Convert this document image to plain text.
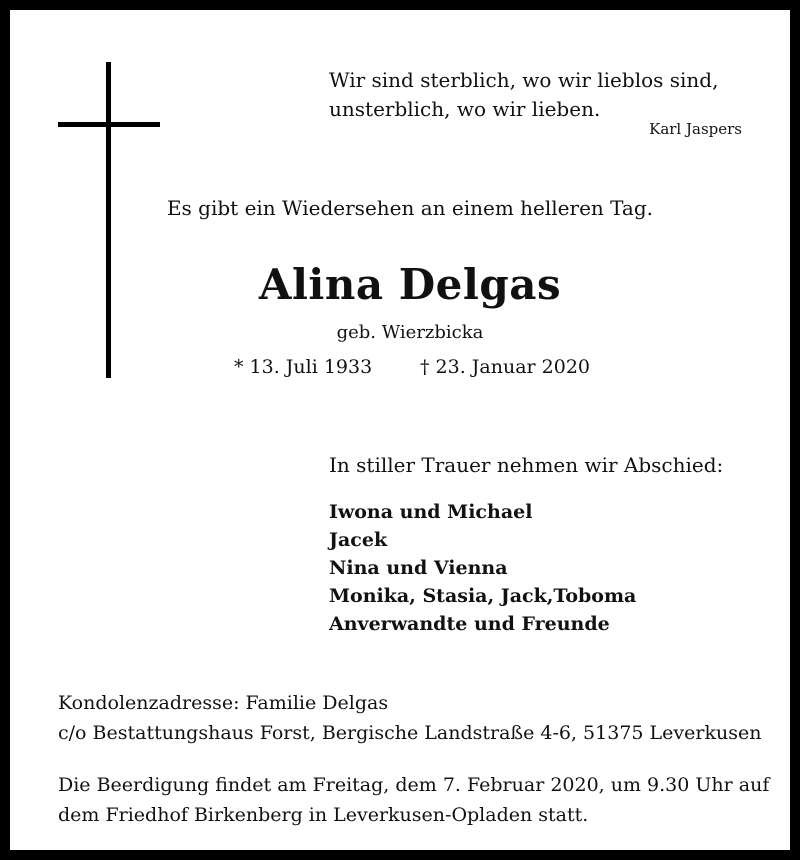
Wir sind sterblich, wo wir lieblos sind,
unsterblich, wo wir lieben.
Karl Jaspers
Es gibt ein Wiedersehen an einem helleren Tag.
Alina Delgas
geb. Wierzbicka
* 13. Juli 1933	† 23. Januar 2020
In stiller Trauer nehmen wir Abschied:
Iwona und Michael
Jacek
Nina und Vienna
Monika, Stasia, Jack,Toboma
Anverwandte und Freunde
Kondolenzadresse: Familie Delgas
c/o Bestattungshaus Forst, Bergische Landstraße 4-6, 51375 Leverkusen
Die Beerdigung findet am Freitag, dem 7. Februar 2020, um 9.30 Uhr auf
dem Friedhof Birkenberg in Leverkusen-Opladen statt.
